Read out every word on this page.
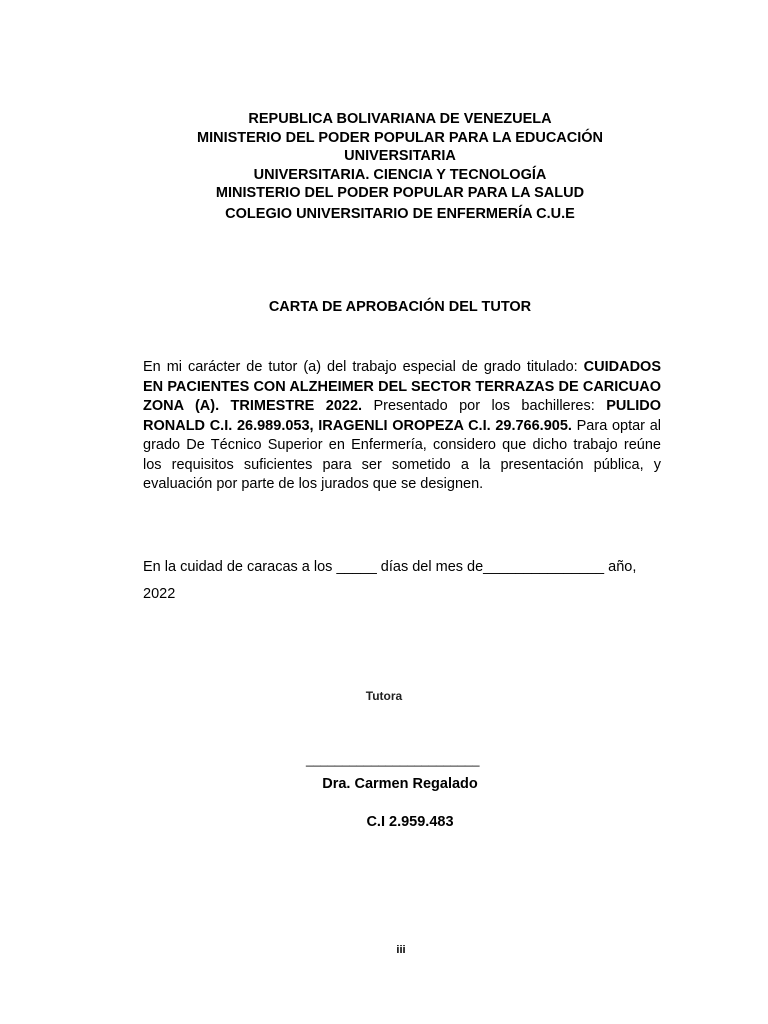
REPUBLICA BOLIVARIANA DE VENEZUELA
MINISTERIO DEL PODER POPULAR PARA LA EDUCACIÓN
UNIVERSITARIA
UNIVERSITARIA. CIENCIA Y TECNOLOGÍA
MINISTERIO DEL PODER POPULAR PARA LA SALUD
COLEGIO UNIVERSITARIO DE ENFERMERÍA C.U.E
CARTA DE APROBACIÓN DEL TUTOR
En mi carácter de tutor (a) del trabajo especial de grado titulado: CUIDADOS EN PACIENTES CON ALZHEIMER DEL SECTOR TERRAZAS DE CARICUAO ZONA (A). TRIMESTRE 2022. Presentado por los bachilleres: PULIDO RONALD C.I. 26.989.053, IRAGENLI OROPEZA C.I. 29.766.905. Para optar al grado De Técnico Superior en Enfermería, considero que dicho trabajo reúne los requisitos suficientes para ser sometido a la presentación pública, y evaluación por parte de los jurados que se designen.
En la cuidad de caracas a los _____ días del mes de_______________ año,
2022
Tutora
________________________
Dra. Carmen Regalado
C.I 2.959.483
iii
